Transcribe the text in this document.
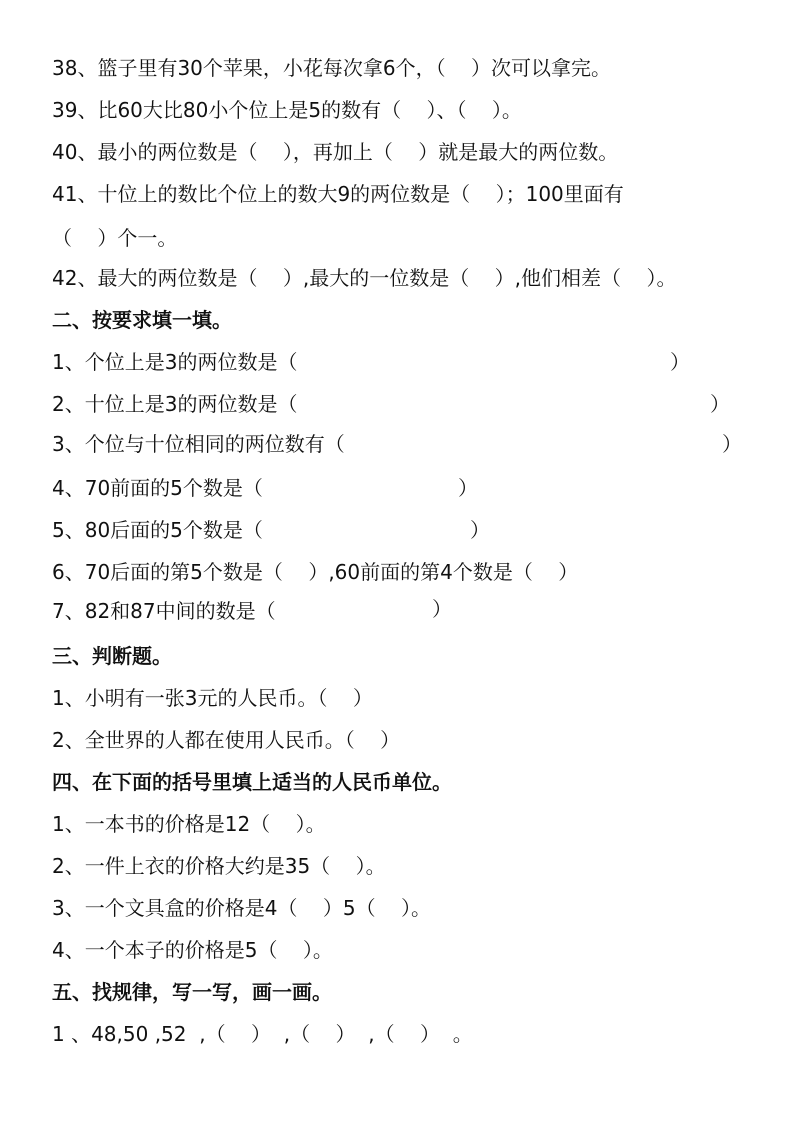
38、篮子里有30个苹果，小花每次拿6个，（    ）次可以拿完。
39、比60大比80小个位上是5的数有（    ）、（    ）。
40、最小的两位数是（    ），再加上（    ）就是最大的两位数。
41、十位上的数比个位上的数大9的两位数是（    ）；100里面有
（    ）个一。
42、最大的两位数是（    ）,最大的一位数是（    ）,他们相差（    ）。
二、按要求填一填。
1、个位上是3的两位数是（	）
2、十位上是3的两位数是（	）
3、个位与十位相同的两位数有（	）
4、70前面的5个数是（	）
5、80后面的5个数是（	）
6、70后面的第5个数是（    ）,60前面的第4个数是（    ）
7、82和87中间的数是（	）
三、判断题。
1、小明有一张3元的人民币。（    ）
2、全世界的人都在使用人民币。（    ）
四、在下面的括号里填上适当的人民币单位。
1、一本书的价格是12（    ）。
2、一件上衣的价格大约是35（    ）。
3、一个文具盒的价格是4（    ）5（    ）。
4、一个本子的价格是5（    ）。
五、找规律，写一写，画一画。
1 、48,50 ,52  ,（    ）  ,（    ）  ,（    ）  。
